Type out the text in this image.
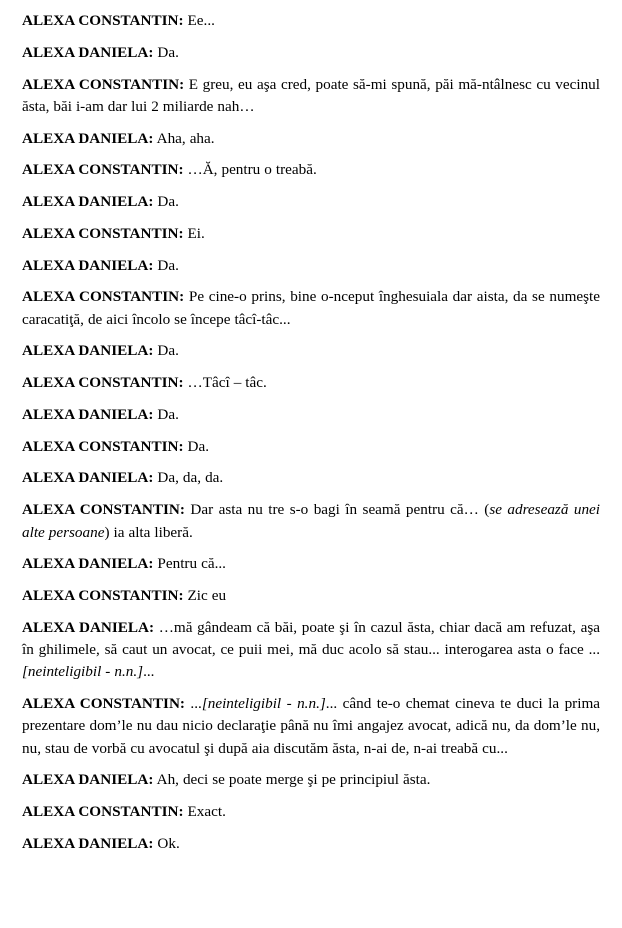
ALEXA CONSTANTIN: Ee...

ALEXA DANIELA: Da.

ALEXA CONSTANTIN: E greu, eu aşa cred, poate să-mi spună, păi mă-ntâlnesc cu vecinul ăsta, băi i-am dar lui 2 miliarde nah…

ALEXA DANIELA: Aha, aha.

ALEXA CONSTANTIN: …Ă, pentru o treabă.

ALEXA DANIELA: Da.

ALEXA CONSTANTIN: Ei.

ALEXA DANIELA: Da.

ALEXA CONSTANTIN: Pe cine-o prins, bine o-nceput înghesuiala dar aista, da se numeşte caracatiţă, de aici încolo se începe tâcî-tâc...

ALEXA DANIELA: Da.

ALEXA CONSTANTIN: …Tâcî – tâc.

ALEXA DANIELA: Da.

ALEXA CONSTANTIN: Da.

ALEXA DANIELA: Da, da, da.

ALEXA CONSTANTIN: Dar asta nu tre s-o bagi în seamă pentru că… (se adresează unei alte persoane) ia alta liberă.

ALEXA DANIELA: Pentru că...

ALEXA CONSTANTIN: Zic eu

ALEXA DANIELA: …mă gândeam că băi, poate şi în cazul ăsta, chiar dacă am refuzat, aşa în ghilimele, să caut un avocat, ce puii mei, mă duc acolo să stau... interogarea asta o face ...[neinteligibil - n.n.]...

ALEXA CONSTANTIN: ...[neinteligibil - n.n.]... când te-o chemat cineva te duci la prima prezentare dom’le nu dau nicio declaraţie până nu îmi angajez avocat, adică nu, da dom’le nu, nu, stau de vorbă cu avocatul şi după aia discutăm ăsta, n-ai de, n-ai treabă cu...

ALEXA DANIELA: Ah, deci se poate merge şi pe principiul ăsta.

ALEXA CONSTANTIN: Exact.

ALEXA DANIELA: Ok.
